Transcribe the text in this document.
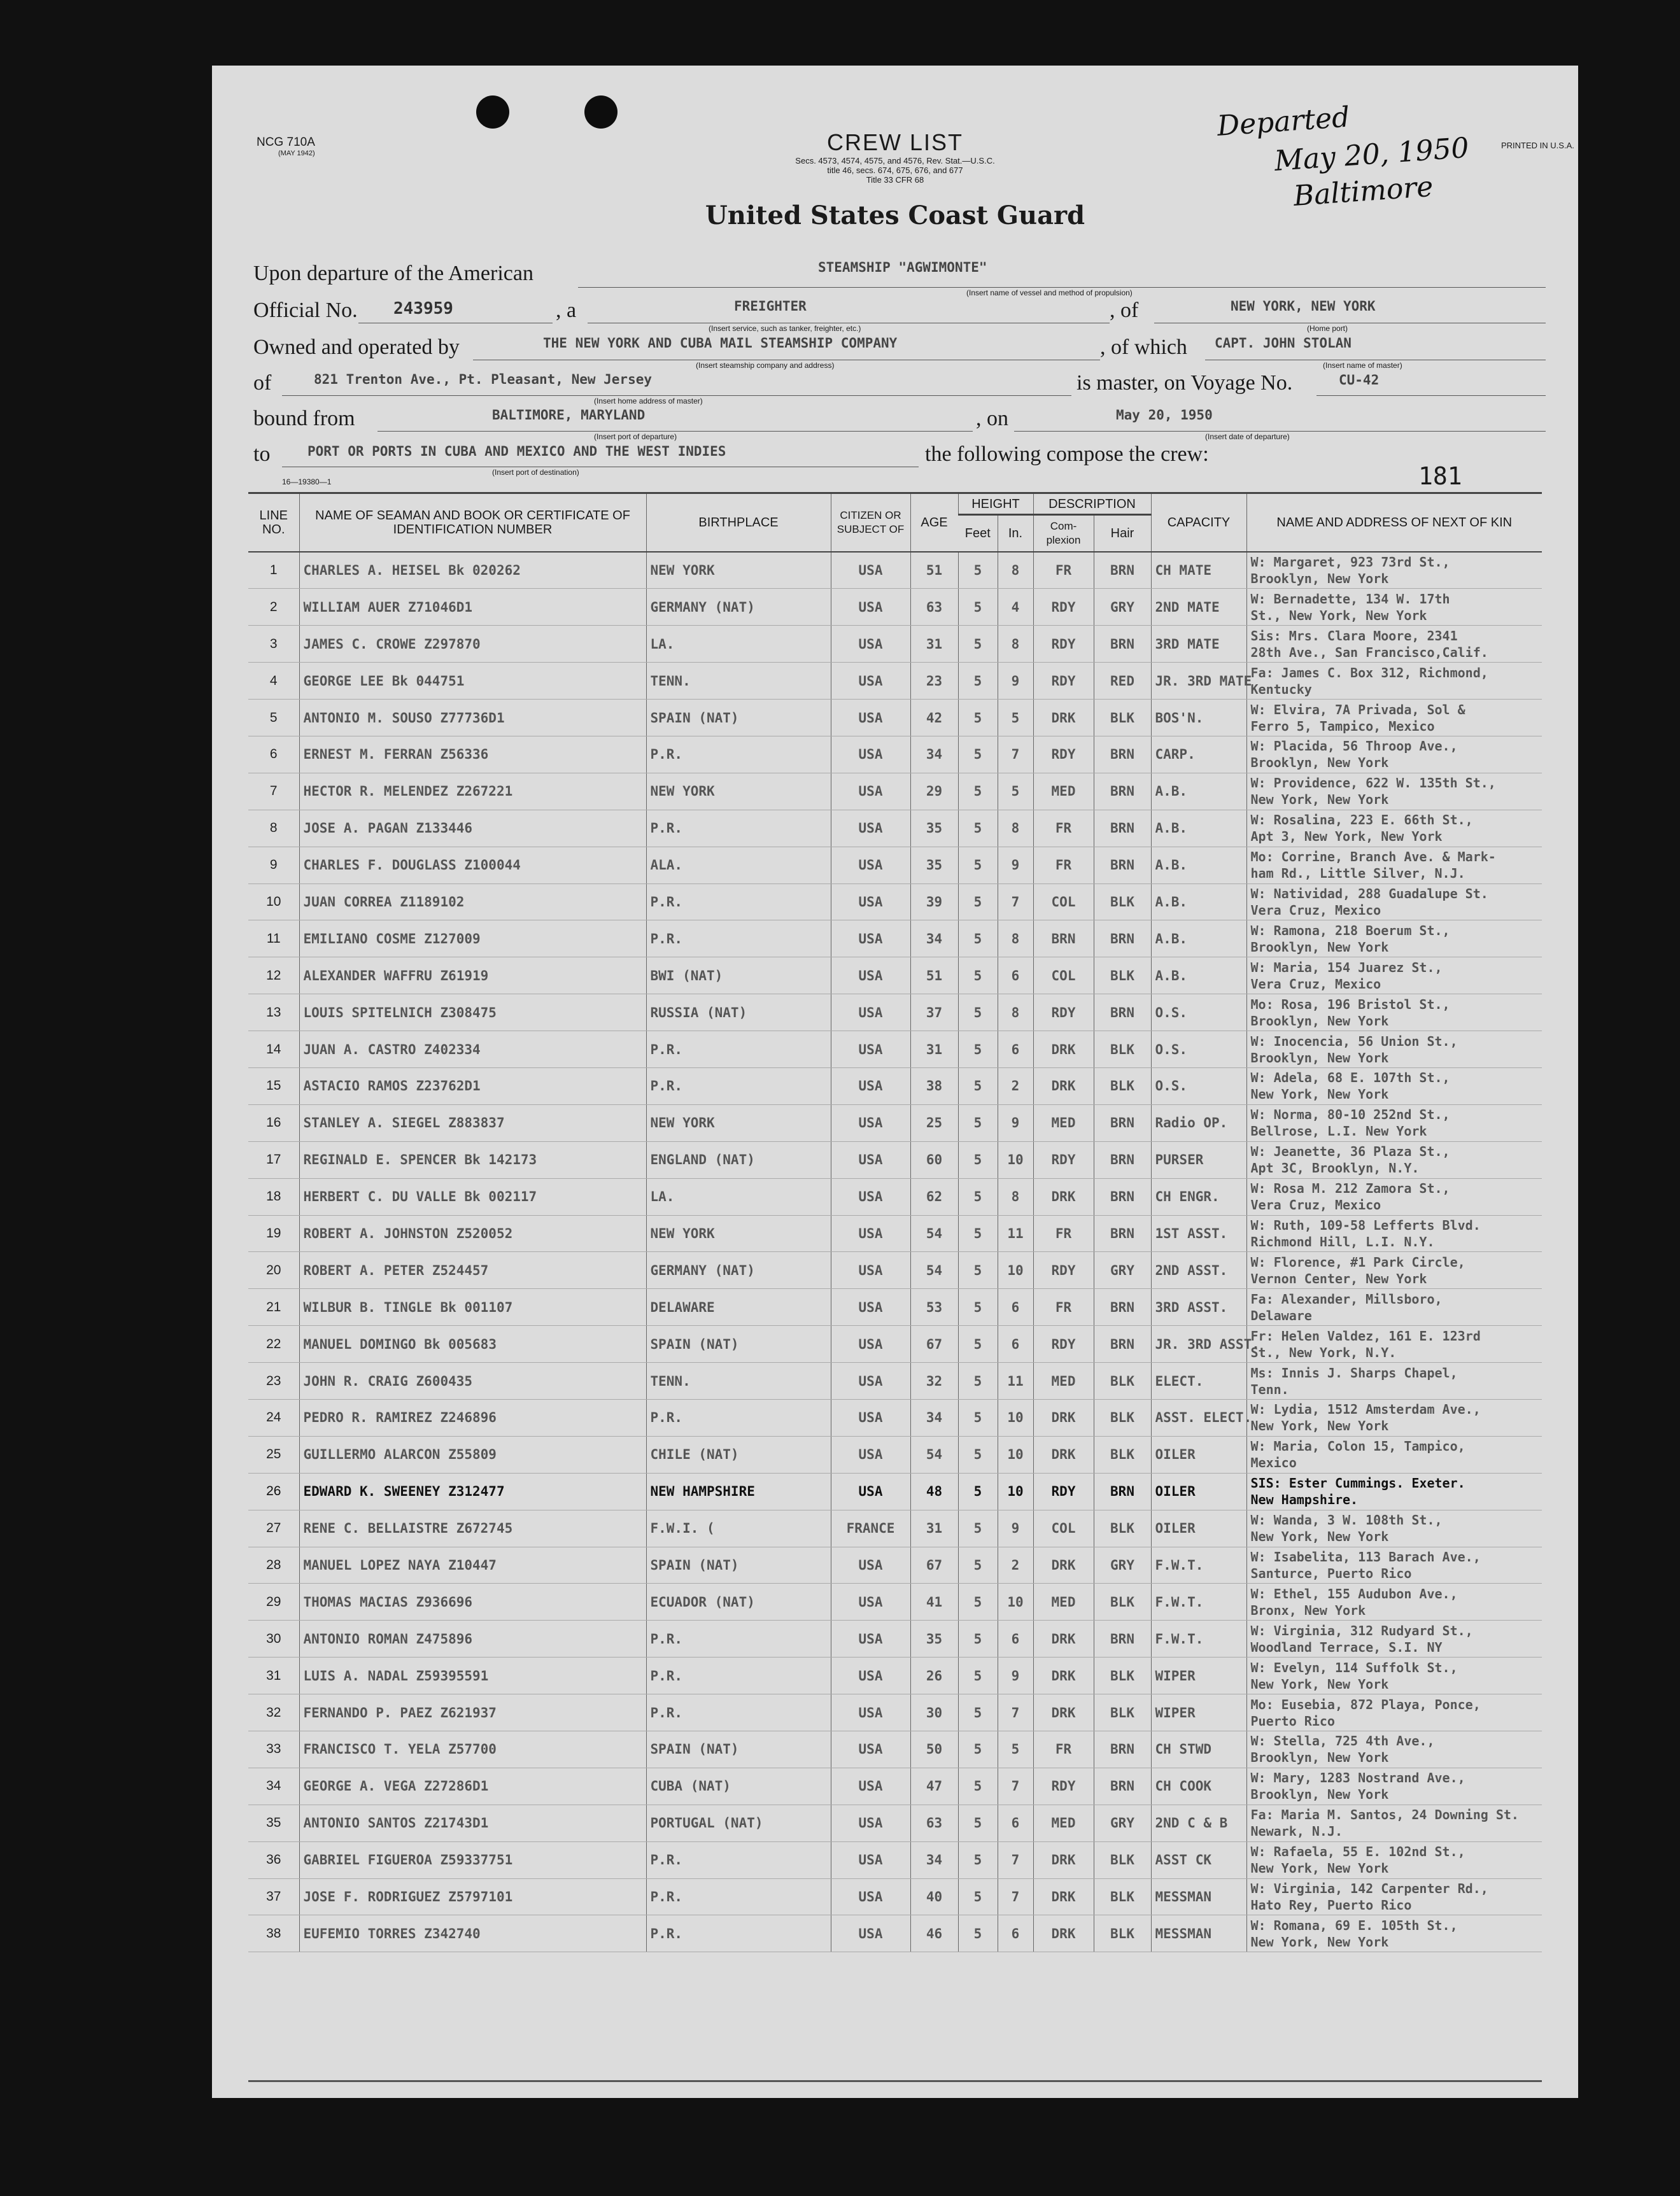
NCG 710A
(MAY 1942)
PRINTED IN U.S.A.
CREW LIST
Secs. 4573, 4574, 4575, and 4576, Rev. Stat.—U.S.C.
title 46, secs. 674, 675, 676, and 677
Title 33 CFR 68
United States Coast Guard
Departed
May 20, 1950
Baltimore
Upon departure of the American	STEAMSHIP "AGWIMONTE"
(Insert name of vessel and method of propulsion)
Official No. 243959	, a	FREIGHTER
(Insert service, such as tanker, freighter, etc.)
, of	NEW YORK, NEW YORK
(Home port)
Owned and operated by	THE NEW YORK AND CUBA MAIL STEAMSHIP COMPANY
(Insert steamship company and address)
, of which CAPT. JOHN STOLAN
(Insert name of master)
of	821 Trenton Ave., Pt. Pleasant, New Jersey
(Insert home address of master)
is master, on Voyage No.	CU-42
bound from	BALTIMORE, MARYLAND
(Insert port of departure)
, on	May 20, 1950
(Insert date of departure)
to	PORT OR PORTS IN CUBA AND MEXICO AND THE WEST INDIES
(Insert port of destination)
the following compose the crew:
181
16—19380—1
LINE NO.	NAME OF SEAMAN AND BOOK OR CERTIFICATE OF IDENTIFICATION NUMBER	BIRTHPLACE	CITIZEN OR SUBJECT OF	AGE	HEIGHT		DESCRIPTION		CAPACITY	NAME AND ADDRESS OF NEXT OF KIN
					Feet	In.	Com-plexion	Hair		
1	CHARLES A. HEISEL Bk 020262	NEW YORK	USA	51	5	8	FR	BRN	CH MATE	W: Margaret, 923 73rd St.,
Brooklyn, New York

2	WILLIAM AUER Z71046D1	GERMANY (NAT)	USA	63	5	4	RDY	GRY	2ND MATE	W: Bernadette, 134 W. 17th
St., New York, New York

3	JAMES C. CROWE Z297870	LA.	USA	31	5	8	RDY	BRN	3RD MATE	Sis: Mrs. Clara Moore, 2341
28th Ave., San Francisco,Calif.

4	GEORGE LEE Bk 044751	TENN.	USA	23	5	9	RDY	RED	JR. 3RD MATE	Fa: James C. Box 312, Richmond,
Kentucky

5	ANTONIO M. SOUSO Z77736D1	SPAIN (NAT)	USA	42	5	5	DRK	BLK	BOS'N.	W: Elvira, 7A Privada, Sol &
Ferro 5, Tampico, Mexico

6	ERNEST M. FERRAN Z56336	P.R.	USA	34	5	7	RDY	BRN	CARP.	W: Placida, 56 Throop Ave.,
Brooklyn, New York

7	HECTOR R. MELENDEZ Z267221	NEW YORK	USA	29	5	5	MED	BRN	A.B.	W: Providence, 622 W. 135th St.,
New York, New York

8	JOSE A. PAGAN Z133446	P.R.	USA	35	5	8	FR	BRN	A.B.	W: Rosalina, 223 E. 66th St.,
Apt 3, New York, New York

9	CHARLES F. DOUGLASS Z100044	ALA.	USA	35	5	9	FR	BRN	A.B.	Mo: Corrine, Branch Ave. & Mark-
ham Rd., Little Silver, N.J.

10	JUAN CORREA Z1189102	P.R.	USA	39	5	7	COL	BLK	A.B.	W: Natividad, 288 Guadalupe St.
Vera Cruz, Mexico

11	EMILIANO COSME Z127009	P.R.	USA	34	5	8	BRN	BRN	A.B.	W: Ramona, 218 Boerum St.,
Brooklyn, New York

12	ALEXANDER WAFFRU Z61919	BWI (NAT)	USA	51	5	6	COL	BLK	A.B.	W: Maria, 154 Juarez St.,
Vera Cruz, Mexico

13	LOUIS SPITELNICH Z308475	RUSSIA (NAT)	USA	37	5	8	RDY	BRN	O.S.	Mo: Rosa, 196 Bristol St.,
Brooklyn, New York

14	JUAN A. CASTRO Z402334	P.R.	USA	31	5	6	DRK	BLK	O.S.	W: Inocencia, 56 Union St.,
Brooklyn, New York

15	ASTACIO RAMOS Z23762D1	P.R.	USA	38	5	2	DRK	BLK	O.S.	W: Adela, 68 E. 107th St.,
New York, New York

16	STANLEY A. SIEGEL Z883837	NEW YORK	USA	25	5	9	MED	BRN	Radio OP.	W: Norma, 80-10 252nd St.,
Bellrose, L.I. New York

17	REGINALD E. SPENCER Bk 142173	ENGLAND (NAT)	USA	60	5	10	RDY	BRN	PURSER	W: Jeanette, 36 Plaza St.,
Apt 3C, Brooklyn, N.Y.

18	HERBERT C. DU VALLE Bk 002117	LA.	USA	62	5	8	DRK	BRN	CH ENGR.	W: Rosa M. 212 Zamora St.,
Vera Cruz, Mexico

19	ROBERT A. JOHNSTON Z520052	NEW YORK	USA	54	5	11	FR	BRN	1ST ASST.	W: Ruth, 109-58 Lefferts Blvd.
Richmond Hill, L.I. N.Y.

20	ROBERT A. PETER Z524457	GERMANY (NAT)	USA	54	5	10	RDY	GRY	2ND ASST.	W: Florence, #1 Park Circle,
Vernon Center, New York

21	WILBUR B. TINGLE Bk 001107	DELAWARE	USA	53	5	6	FR	BRN	3RD ASST.	Fa: Alexander, Millsboro,
Delaware

22	MANUEL DOMINGO Bk 005683	SPAIN (NAT)	USA	67	5	6	RDY	BRN	JR. 3RD ASST.	Fr: Helen Valdez, 161 E. 123rd
St., New York, N.Y.

23	JOHN R. CRAIG Z600435	TENN.	USA	32	5	11	MED	BLK	ELECT.	Ms: Innis J. Sharps Chapel,
Tenn.

24	PEDRO R. RAMIREZ Z246896	P.R.	USA	34	5	10	DRK	BLK	ASST. ELECT.	W: Lydia, 1512 Amsterdam Ave.,
New York, New York

25	GUILLERMO ALARCON Z55809	CHILE (NAT)	USA	54	5	10	DRK	BLK	OILER	W: Maria, Colon 15, Tampico,
Mexico

26	EDWARD K. SWEENEY Z312477	NEW HAMPSHIRE	USA	48	5	10	RDY	BRN	OILER	SIS: Ester Cummings. Exeter.
New Hampshire.

27	RENE C. BELLAISTRE Z672745	F.W.I. (	FRANCE	31	5	9	COL	BLK	OILER	W: Wanda, 3 W. 108th St.,
New York, New York

28	MANUEL LOPEZ NAYA Z10447	SPAIN (NAT)	USA	67	5	2	DRK	GRY	F.W.T.	W: Isabelita, 113 Barach Ave.,
Santurce, Puerto Rico

29	THOMAS MACIAS Z936696	ECUADOR (NAT)	USA	41	5	10	MED	BLK	F.W.T.	W: Ethel, 155 Audubon Ave.,
Bronx, New York

30	ANTONIO ROMAN Z475896	P.R.	USA	35	5	6	DRK	BRN	F.W.T.	W: Virginia, 312 Rudyard St.,
Woodland Terrace, S.I. NY

31	LUIS A. NADAL Z59395591	P.R.	USA	26	5	9	DRK	BLK	WIPER	W: Evelyn, 114 Suffolk St.,
New York, New York

32	FERNANDO P. PAEZ Z621937	P.R.	USA	30	5	7	DRK	BLK	WIPER	Mo: Eusebia, 872 Playa, Ponce,
Puerto Rico

33	FRANCISCO T. YELA Z57700	SPAIN (NAT)	USA	50	5	5	FR	BRN	CH STWD	W: Stella, 725 4th Ave.,
Brooklyn, New York

34	GEORGE A. VEGA Z27286D1	CUBA (NAT)	USA	47	5	7	RDY	BRN	CH COOK	W: Mary, 1283 Nostrand Ave.,
Brooklyn, New York

35	ANTONIO SANTOS Z21743D1	PORTUGAL (NAT)	USA	63	5	6	MED	GRY	2ND C & B	Fa: Maria M. Santos, 24 Downing St.
Newark, N.J.

36	GABRIEL FIGUEROA Z59337751	P.R.	USA	34	5	7	DRK	BLK	ASST CK	W: Rafaela, 55 E. 102nd St.,
New York, New York

37	JOSE F. RODRIGUEZ Z5797101	P.R.	USA	40	5	7	DRK	BLK	MESSMAN	W: Virginia, 142 Carpenter Rd.,
Hato Rey, Puerto Rico

38	EUFEMIO TORRES Z342740	P.R.	USA	46	5	6	DRK	BLK	MESSMAN	W: Romana, 69 E. 105th St.,
New York, New York
